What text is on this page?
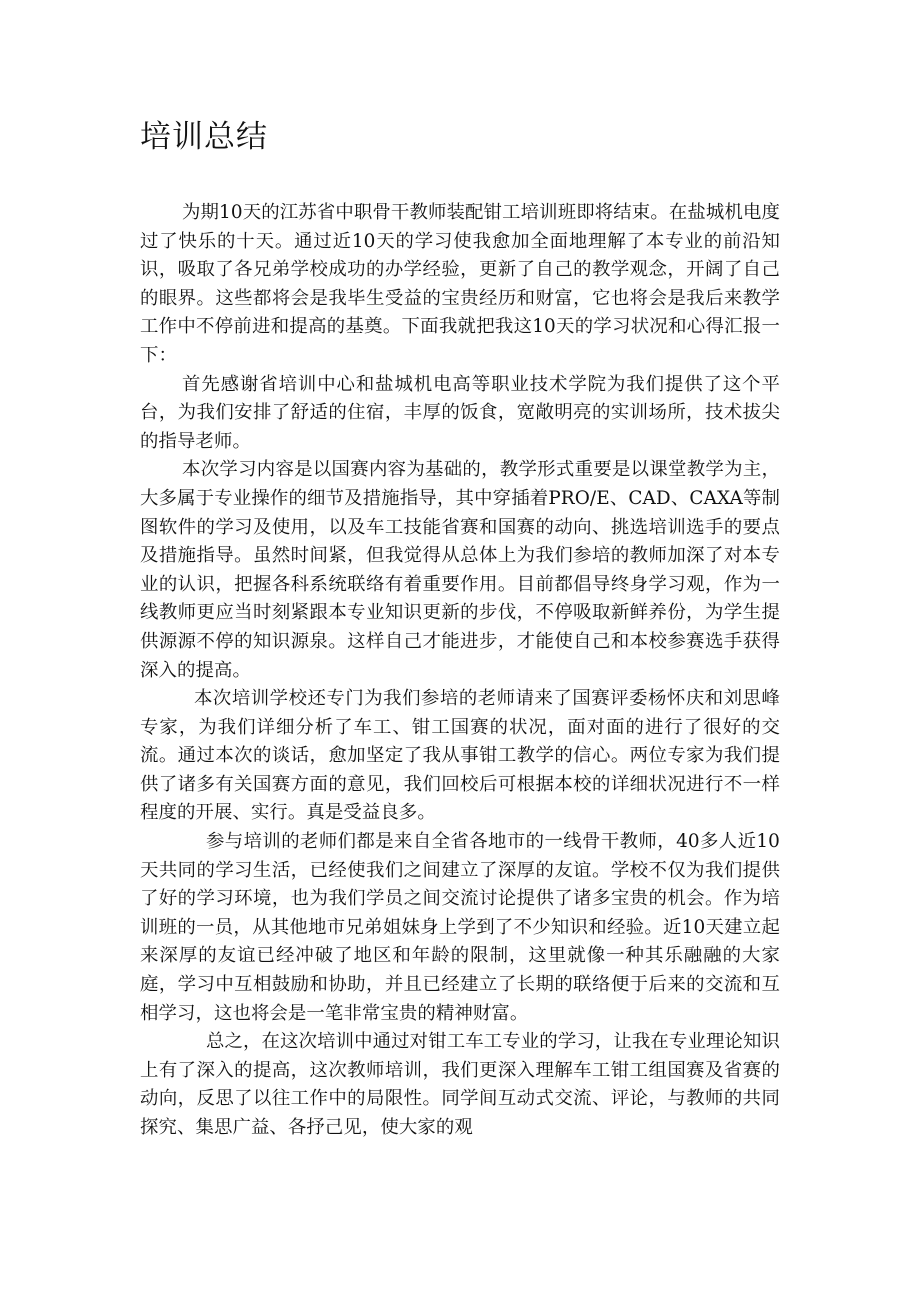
培训总结

为期10天的江苏省中职骨干教师装配钳工培训班即将结束。在盐城机电度过了快乐的十天。通过近10天的学习使我愈加全面地理解了本专业的前沿知识，吸取了各兄弟学校成功的办学经验，更新了自己的教学观念，开阔了自己的眼界。这些都将会是我毕生受益的宝贵经历和财富，它也将会是我后来教学工作中不停前进和提高的基奠。下面我就把我这10天的学习状况和心得汇报一下：

首先感谢省培训中心和盐城机电高等职业技术学院为我们提供了这个平台，为我们安排了舒适的住宿，丰厚的饭食，宽敞明亮的实训场所，技术拔尖的指导老师。

本次学习内容是以国赛内容为基础的，教学形式重要是以课堂教学为主，大多属于专业操作的细节及措施指导，其中穿插着PRO/E、CAD、CAXA等制图软件的学习及使用，以及车工技能省赛和国赛的动向、挑选培训选手的要点及措施指导。虽然时间紧，但我觉得从总体上为我们参培的教师加深了对本专业的认识，把握各科系统联络有着重要作用。目前都倡导终身学习观，作为一线教师更应当时刻紧跟本专业知识更新的步伐，不停吸取新鲜养份，为学生提供源源不停的知识源泉。这样自己才能进步，才能使自己和本校参赛选手获得深入的提高。

本次培训学校还专门为我们参培的老师请来了国赛评委杨怀庆和刘思峰专家，为我们详细分析了车工、钳工国赛的状况，面对面的进行了很好的交流。通过本次的谈话，愈加坚定了我从事钳工教学的信心。两位专家为我们提供了诸多有关国赛方面的意见，我们回校后可根据本校的详细状况进行不一样程度的开展、实行。真是受益良多。

参与培训的老师们都是来自全省各地市的一线骨干教师，40多人近10天共同的学习生活，已经使我们之间建立了深厚的友谊。学校不仅为我们提供了好的学习环境，也为我们学员之间交流讨论提供了诸多宝贵的机会。作为培训班的一员，从其他地市兄弟姐妹身上学到了不少知识和经验。近10天建立起来深厚的友谊已经冲破了地区和年龄的限制，这里就像一种其乐融融的大家庭，学习中互相鼓励和协助，并且已经建立了长期的联络便于后来的交流和互相学习，这也将会是一笔非常宝贵的精神财富。

总之，在这次培训中通过对钳工车工专业的学习，让我在专业理论知识上有了深入的提高，这次教师培训，我们更深入理解车工钳工组国赛及省赛的动向，反思了以往工作中的局限性。同学间互动式交流、评论，与教师的共同探究、集思广益、各抒己见，使大家的观
